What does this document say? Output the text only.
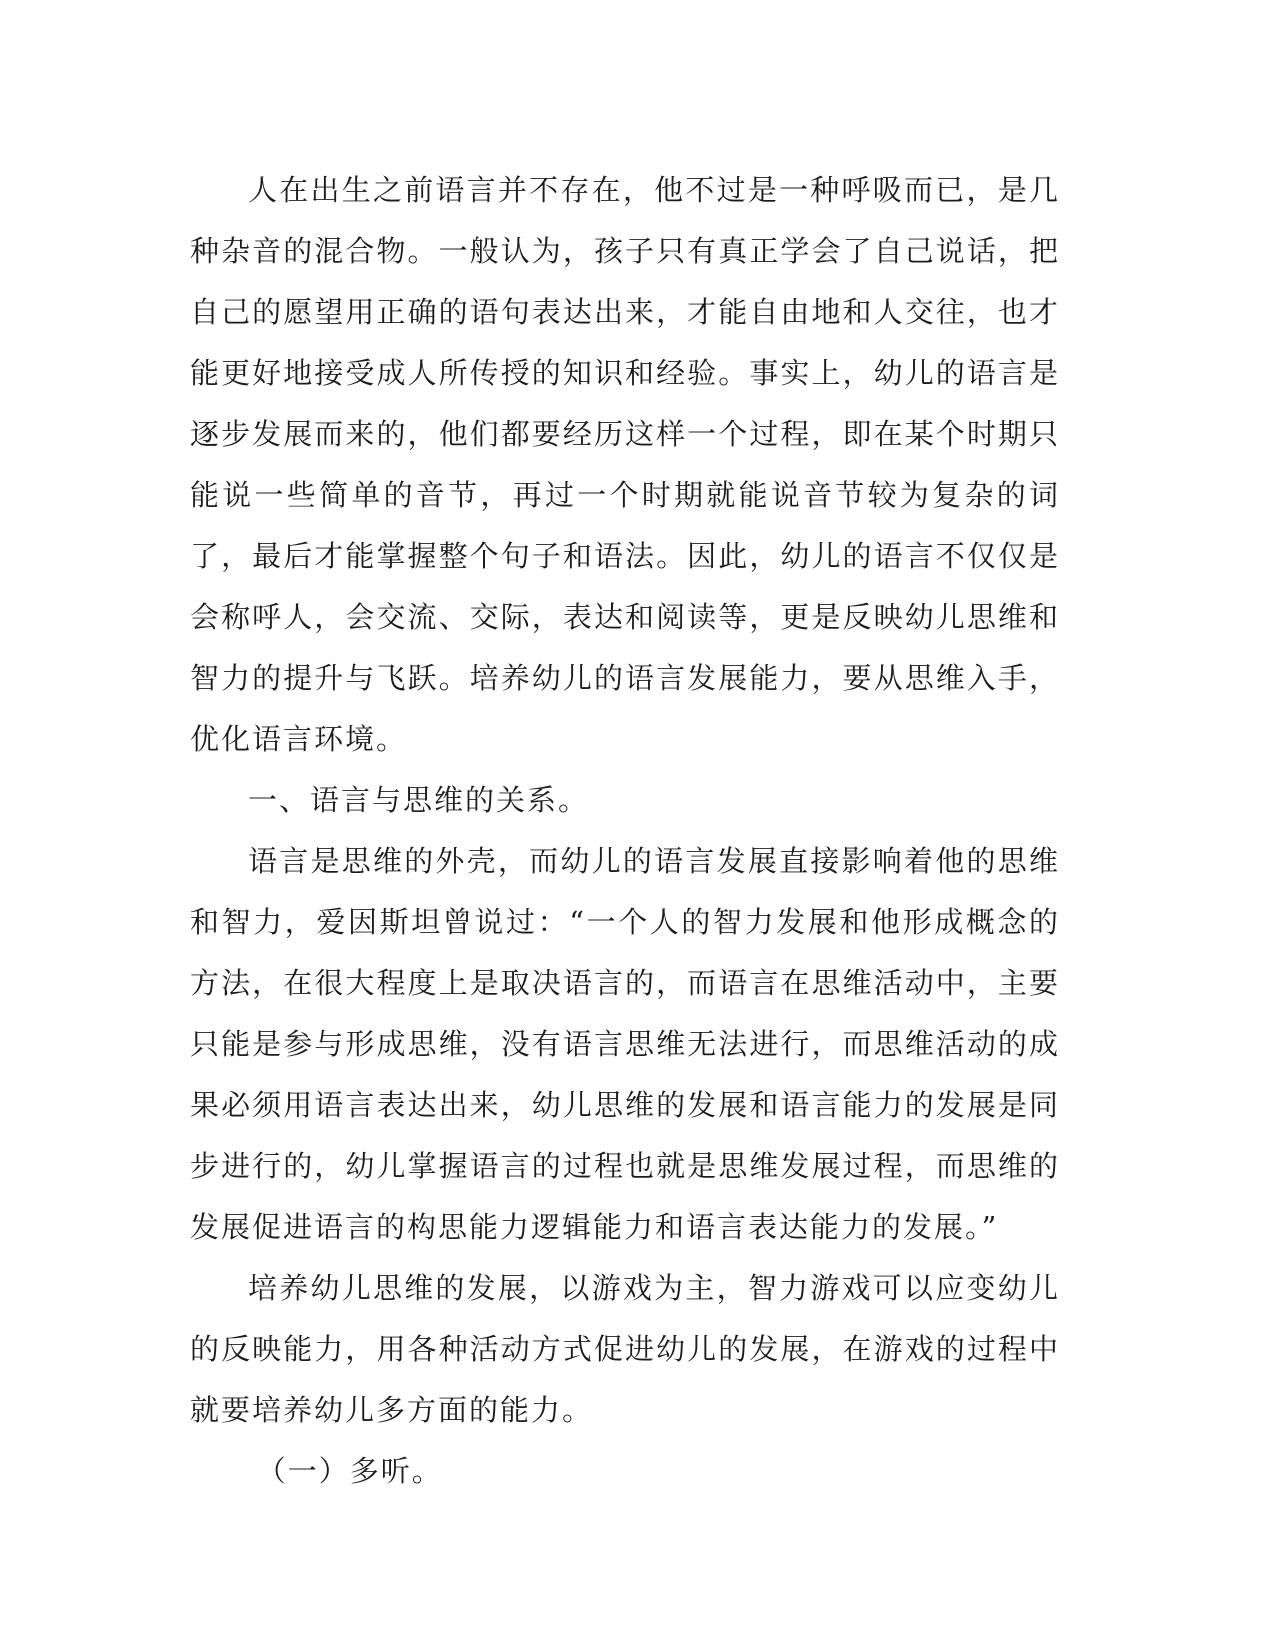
人在出生之前语言并不存在，他不过是一种呼吸而已，是几种杂音的混合物。一般认为，孩子只有真正学会了自己说话，把自己的愿望用正确的语句表达出来，才能自由地和人交往，也才能更好地接受成人所传授的知识和经验。事实上，幼儿的语言是逐步发展而来的，他们都要经历这样一个过程，即在某个时期只能说一些简单的音节，再过一个时期就能说音节较为复杂的词了，最后才能掌握整个句子和语法。因此，幼儿的语言不仅仅是会称呼人，会交流、交际，表达和阅读等，更是反映幼儿思维和智力的提升与飞跃。培养幼儿的语言发展能力，要从思维入手，优化语言环境。

一、语言与思维的关系。

语言是思维的外壳，而幼儿的语言发展直接影响着他的思维和智力，爱因斯坦曾说过：“一个人的智力发展和他形成概念的方法，在很大程度上是取决语言的，而语言在思维活动中，主要只能是参与形成思维，没有语言思维无法进行，而思维活动的成果必须用语言表达出来，幼儿思维的发展和语言能力的发展是同步进行的，幼儿掌握语言的过程也就是思维发展过程，而思维的发展促进语言的构思能力逻辑能力和语言表达能力的发展。”

培养幼儿思维的发展，以游戏为主，智力游戏可以应变幼儿的反映能力，用各种活动方式促进幼儿的发展，在游戏的过程中就要培养幼儿多方面的能力。

（一）多听。
